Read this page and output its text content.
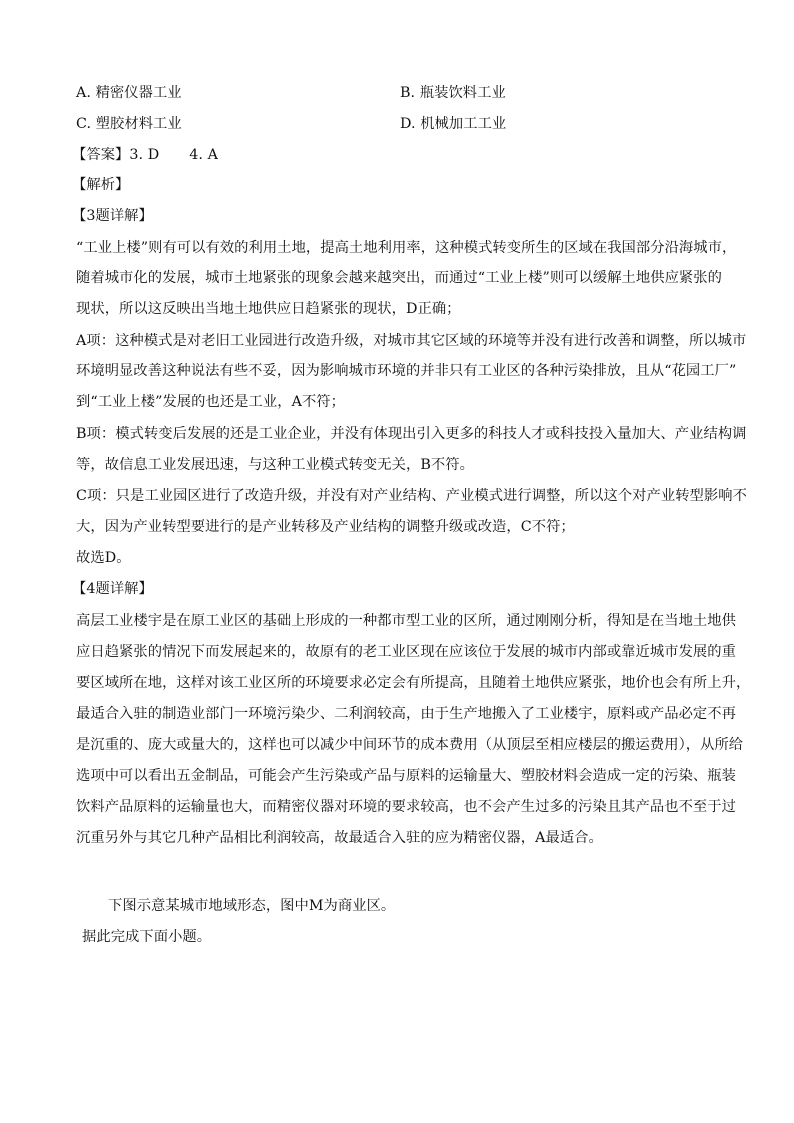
A. 精密仪器工业	B. 瓶装饮料工业
C. 塑胶材料工业	D. 机械加工工业
【答案】3. D 4. A
【解析】
【3题详解】
“工业上楼”则有可以有效的利用土地，提高土地利用率，这种模式转变所生的区域在我国部分沿海城市，
随着城市化的发展，城市土地紧张的现象会越来越突出，而通过“工业上楼”则可以缓解土地供应紧张的
现状，所以这反映出当地土地供应日趋紧张的现状，D正确；
A项：这种模式是对老旧工业园进行改造升级，对城市其它区域的环境等并没有进行改善和调整，所以城市
环境明显改善这种说法有些不妥，因为影响城市环境的并非只有工业区的各种污染排放，且从“花园工厂”
到“工业上楼”发展的也还是工业，A不符；
B项：模式转变后发展的还是工业企业，并没有体现出引入更多的科技人才或科技投入量加大、产业结构调
等，故信息工业发展迅速，与这种工业模式转变无关，B不符。
C项：只是工业园区进行了改造升级，并没有对产业结构、产业模式进行调整，所以这个对产业转型影响不
大，因为产业转型要进行的是产业转移及产业结构的调整升级或改造，C不符；
故选D。
【4题详解】
高层工业楼宇是在原工业区的基础上形成的一种都市型工业的区所，通过刚刚分析，得知是在当地土地供
应日趋紧张的情况下而发展起来的，故原有的老工业区现在应该位于发展的城市内部或靠近城市发展的重
要区域所在地，这样对该工业区所的环境要求必定会有所提高，且随着土地供应紧张，地价也会有所上升，
最适合入驻的制造业部门一环境污染少、二利润较高，由于生产地搬入了工业楼宇，原料或产品必定不再
是沉重的、庞大或量大的，这样也可以减少中间环节的成本费用（从顶层至相应楼层的搬运费用），从所给
选项中可以看出五金制品，可能会产生污染或产品与原料的运输量大、塑胶材料会造成一定的污染、瓶装
饮料产品原料的运输量也大，而精密仪器对环境的要求较高，也不会产生过多的污染且其产品也不至于过
沉重另外与其它几种产品相比利润较高，故最适合入驻的应为精密仪器，A最适合。
下图示意某城市地域形态，图中M为商业区。
据此完成下面小题。
